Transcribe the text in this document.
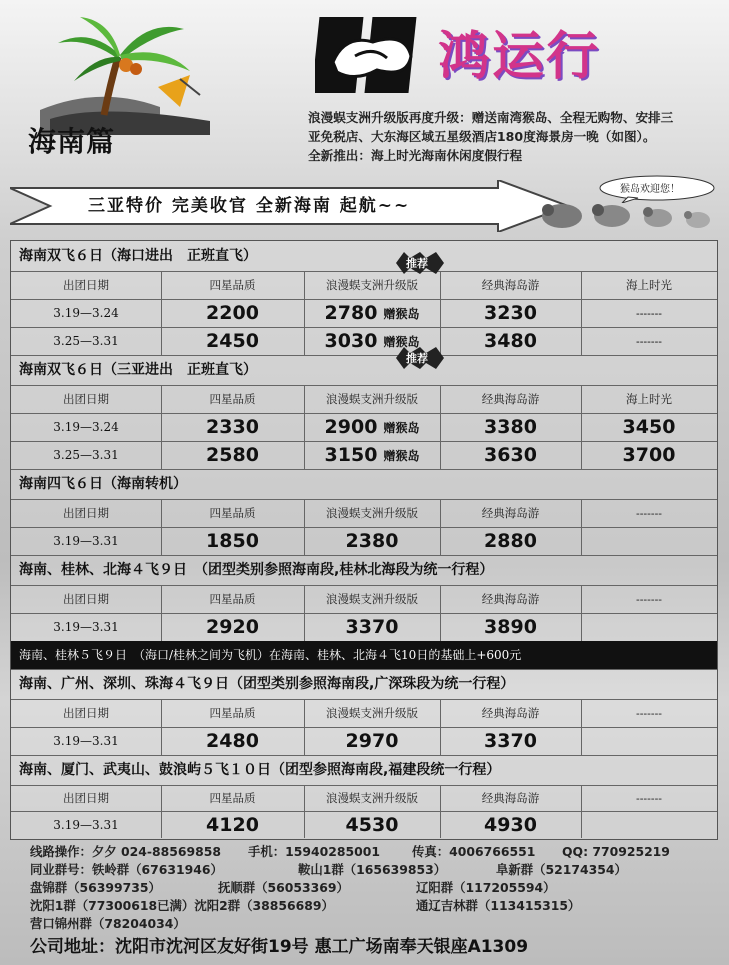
海南篇
鸿运行

浪漫蜈支洲升级版再度升级：赠送南湾猴岛、全程无购物、安排三

亚免税店、大东海区域五星级酒店180度海景房一晚（如图）。

全新推出：海上时光海南休闲度假行程

三亚特价 完美收官 全新海南 起航~~
猴岛欢迎您！
海南双飞６日（海口进出　正班直飞）	推荐
出团日期	四星品质	浪漫蜈支洲升级版	经典海岛游	海上时光
3.19—3.24	2200	2780 赠猴岛	3230	-------
3.25—3.31	2450	3030 赠猴岛	3480	-------
海南双飞６日（三亚进出　正班直飞）
推荐
出团日期	四星品质	浪漫蜈支洲升级版	经典海岛游	海上时光
3.19—3.24	2330	2900 赠猴岛	3380	3450
3.25—3.31	2580	3150 赠猴岛	3630	3700
海南四飞６日（海南转机）
出团日期	四星品质	浪漫蜈支洲升级版	经典海岛游	-------
3.19—3.31	1850	2380	2880
海南、桂林、北海４飞９日　（团型类别参照海南段,桂林北海段为统一行程）
出团日期	四星品质	浪漫蜈支洲升级版	经典海岛游	-------
3.19—3.31	2920	3370	3890
海南、桂林５飞９日　（海口/桂林之间为飞机）在海南、桂林、北海４飞10日的基础上+600元
海南、广州、深圳、珠海４飞９日（团型类别参照海南段,广深珠段为统一行程）
出团日期	四星品质	浪漫蜈支洲升级版	经典海岛游	-------
3.19—3.31	2480	2970	3370
海南、厦门、武夷山、鼓浪屿５飞１０日（团型参照海南段,福建段统一行程）
出团日期	四星品质	浪漫蜈支洲升级版	经典海岛游	-------
3.19—3.31	4120	4530	4930
线路操作：夕夕 024-88569858 手机：15940285001	传真：4006766551 QQ: 770925219
同业群号：铁岭群（67631946）	鞍山1群（165639853）	阜新群（52174354）
盘锦群（56399735）	抚顺群（56053369）	辽阳群（117205594）
沈阳1群（77300618已满）沈阳2群（38856689）	通辽吉林群（113415315）
营口锦州群（78204034）
公司地址：沈阳市沈河区友好街19号 惠工广场南奉天银座A1309
